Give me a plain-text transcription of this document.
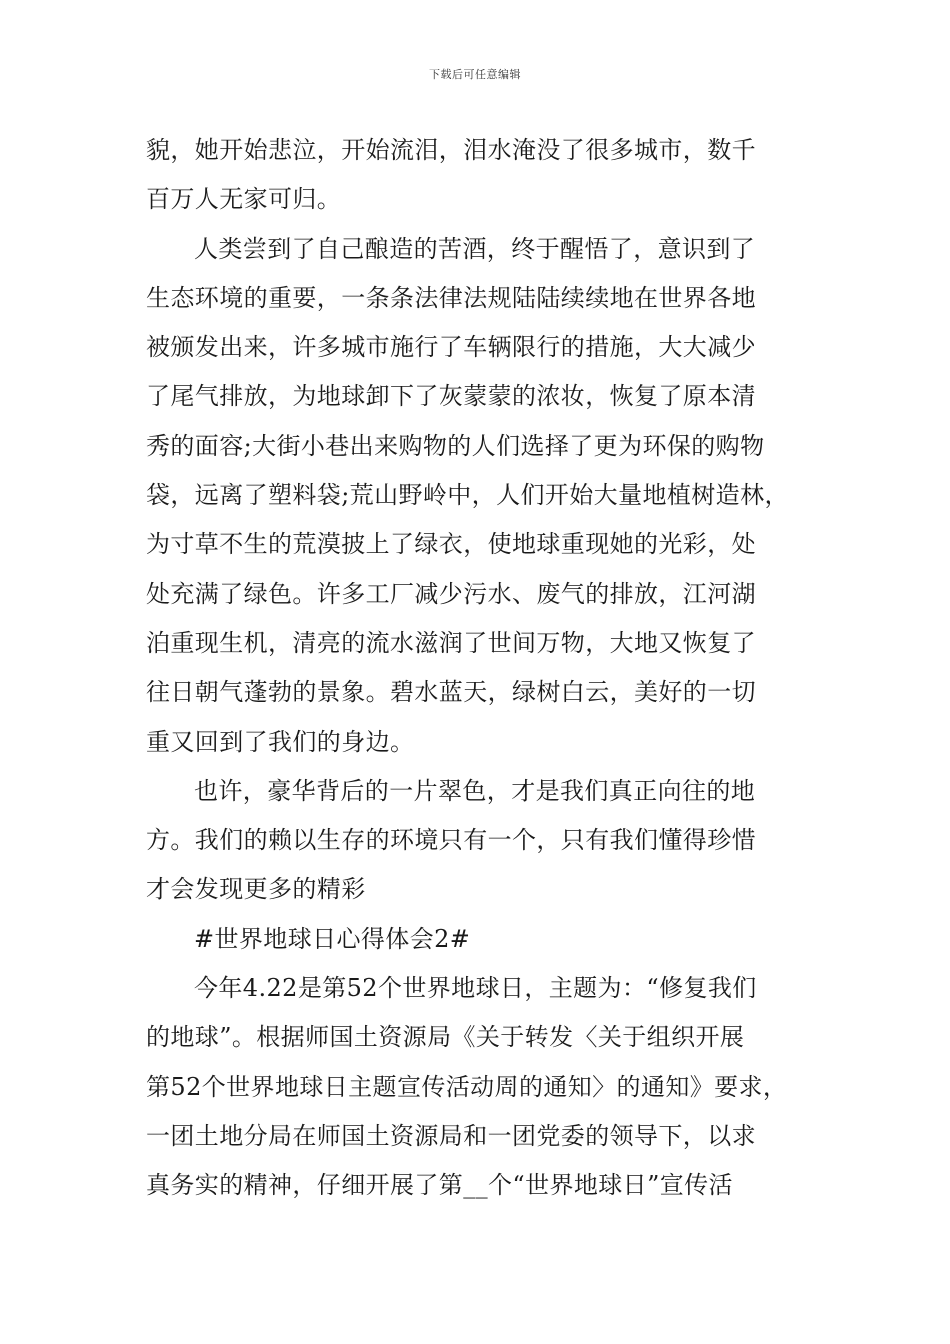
下载后可任意编辑

貌，她开始悲泣，开始流泪，泪水淹没了很多城市，数千
百万人无家可归。

人类尝到了自己酿造的苦酒，终于醒悟了，意识到了
生态环境的重要，一条条法律法规陆陆续续地在世界各地
被颁发出来，许多城市施行了车辆限行的措施，大大减少
了尾气排放，为地球卸下了灰蒙蒙的浓妆，恢复了原本清
秀的面容;大街小巷出来购物的人们选择了更为环保的购物
袋，远离了塑料袋;荒山野岭中，人们开始大量地植树造林，
为寸草不生的荒漠披上了绿衣，使地球重现她的光彩，处
处充满了绿色。许多工厂减少污水、废气的排放，江河湖
泊重现生机，清亮的流水滋润了世间万物，大地又恢复了
往日朝气蓬勃的景象。碧水蓝天，绿树白云，美好的一切
重又回到了我们的身边。

也许，豪华背后的一片翠色，才是我们真正向往的地
方。我们的赖以生存的环境只有一个，只有我们懂得珍惜
才会发现更多的精彩

#世界地球日心得体会2#

今年4.22是第52个世界地球日，主题为：“修复我们
的地球”。根据师国土资源局《关于转发〈关于组织开展
第52个世界地球日主题宣传活动周的通知〉的通知》要求，
一团土地分局在师国土资源局和一团党委的领导下，以求
真务实的精神，仔细开展了第__个“世界地球日”宣传活
